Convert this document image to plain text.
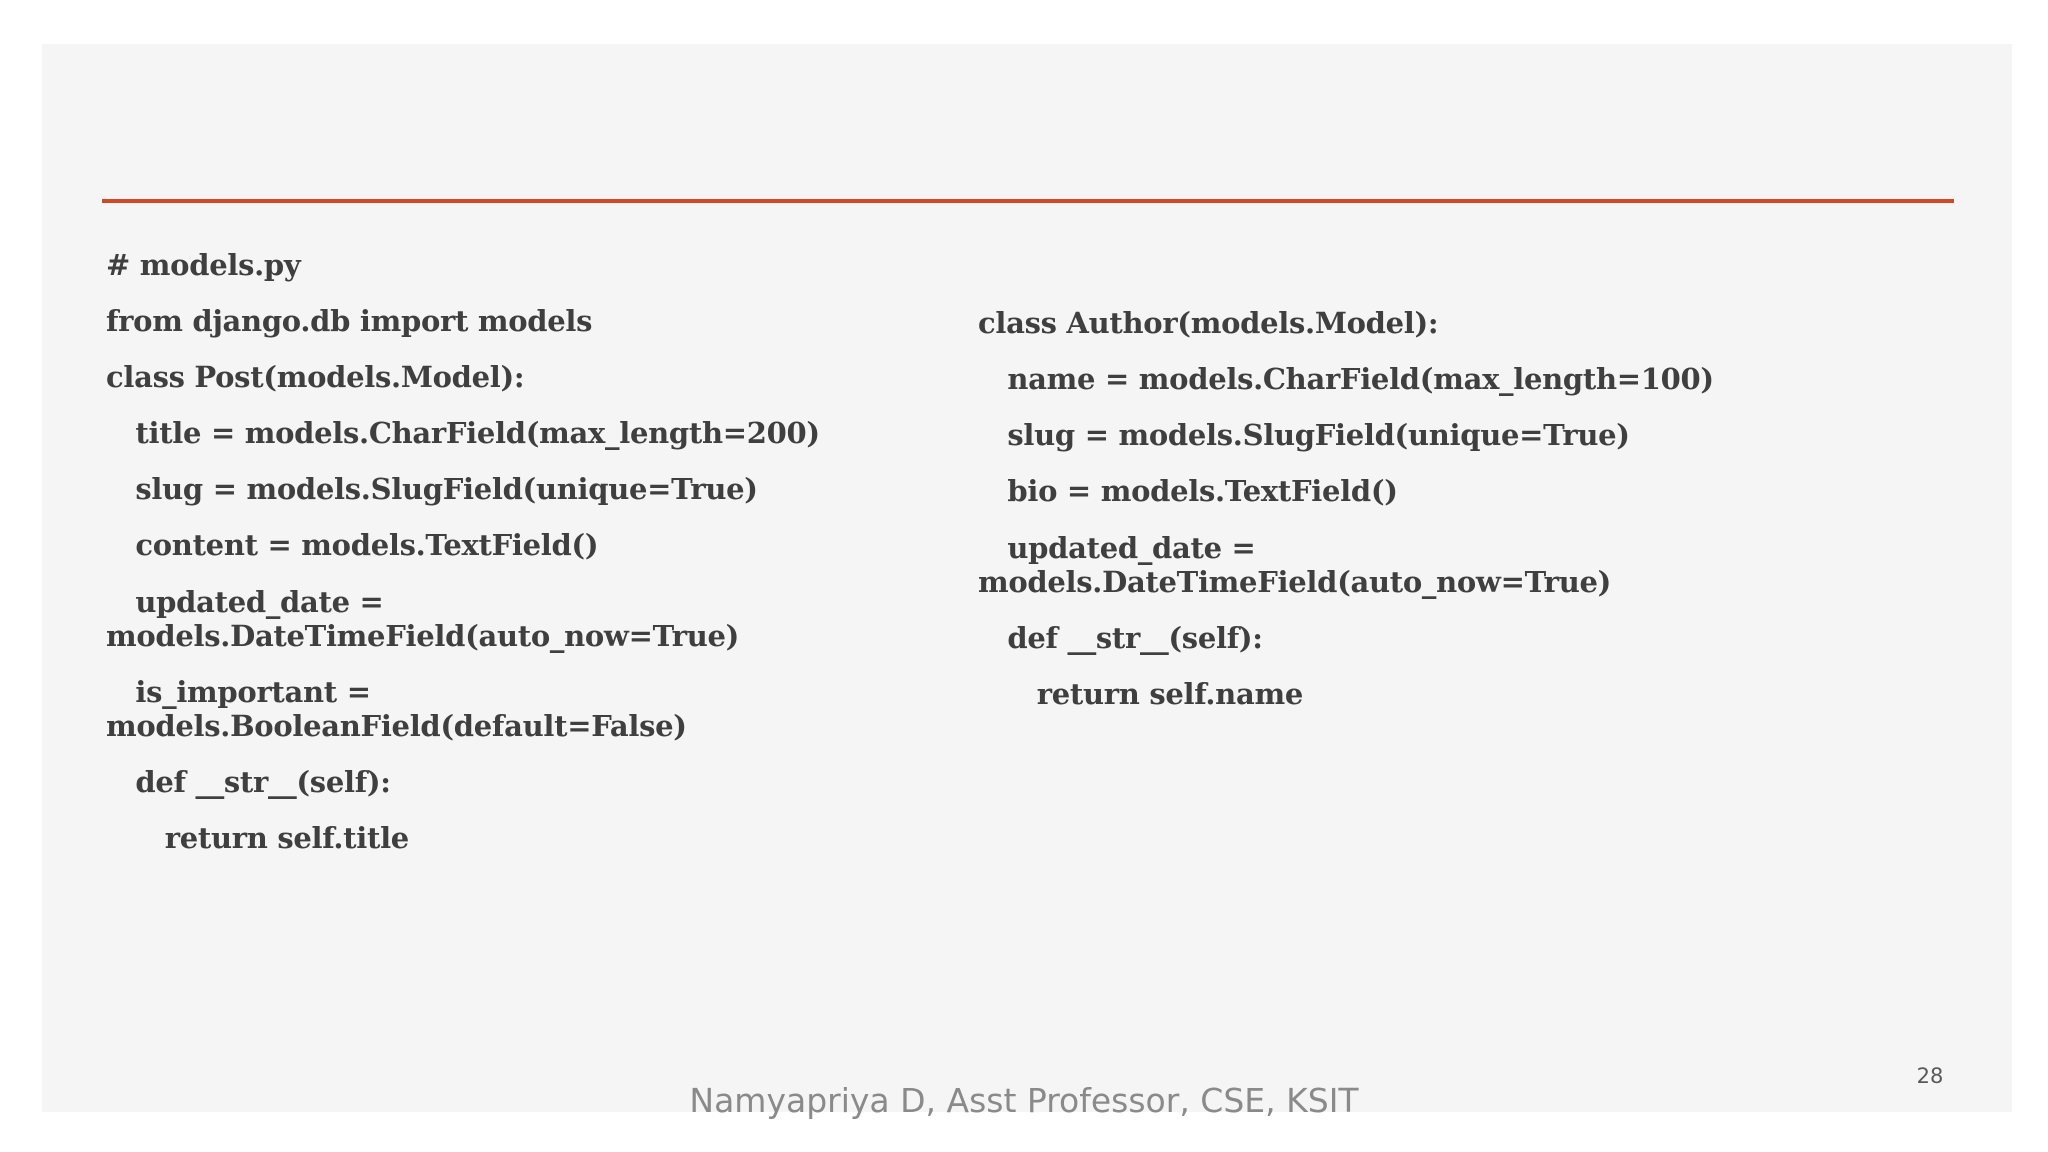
# models.py
from django.db import models
class Post(models.Model):
title = models.CharField(max_length=200)
slug = models.SlugField(unique=True)
content = models.TextField()
updated_date =
models.DateTimeField(auto_now=True)
is_important =
models.BooleanField(default=False)
def __str__(self):
return self.title
class Author(models.Model):
name = models.CharField(max_length=100)
slug = models.SlugField(unique=True)
bio = models.TextField()
updated_date =
models.DateTimeField(auto_now=True)
def __str__(self):
return self.name
28
Namyapriya D, Asst Professor, CSE, KSIT
